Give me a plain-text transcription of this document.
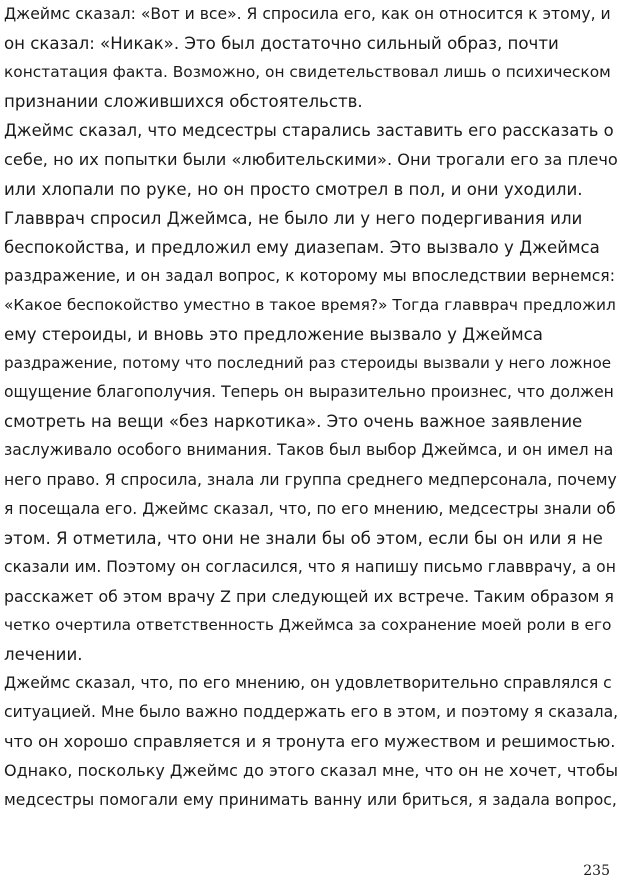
Джеймс сказал: «Вот и все». Я спросила его, как он относится к этому, и
он сказал: «Никак». Это был достаточно сильный образ, почти
констатация факта. Возможно, он свидетельствовал лишь о психическом
признании сложившихся обстоятельств.
Джеймс сказал, что медсестры старались заставить его рассказать о
себе, но их попытки были «любительскими». Они трогали его за плечо
или хлопали по руке, но он просто смотрел в пол, и они уходили.
Главврач спросил Джеймса, не было ли у него подергивания или
беспокойства, и предложил ему диазепам. Это вызвало у Джеймса
раздражение, и он задал вопрос, к которому мы впоследствии вернемся:
«Какое беспокойство уместно в такое время?» Тогда главврач предложил
ему стероиды, и вновь это предложение вызвало у Джеймса
раздражение, потому что последний раз стероиды вызвали у него ложное
ощущение благополучия. Теперь он выразительно произнес, что должен
смотреть на вещи «без наркотика». Это очень важное заявление
заслуживало особого внимания. Таков был выбор Джеймса, и он имел на
него право. Я спросила, знала ли группа среднего медперсонала, почему
я посещала его. Джеймс сказал, что, по его мнению, медсестры знали об
этом. Я отметила, что они не знали бы об этом, если бы он или я не
сказали им. Поэтому он согласился, что я напишу письмо главврачу, а он
расскажет об этом врачу Z при следующей их встрече. Таким образом я
четко очертила ответственность Джеймса за сохранение моей роли в его
лечении.
Джеймс сказал, что, по его мнению, он удовлетворительно справлялся с
ситуацией. Мне было важно поддержать его в этом, и поэтому я сказала,
что он хорошо справляется и я тронута его мужеством и решимостью.
Однако, поскольку Джеймс до этого сказал мне, что он не хочет, чтобы
медсестры помогали ему принимать ванну или бриться, я задала вопрос,
235
